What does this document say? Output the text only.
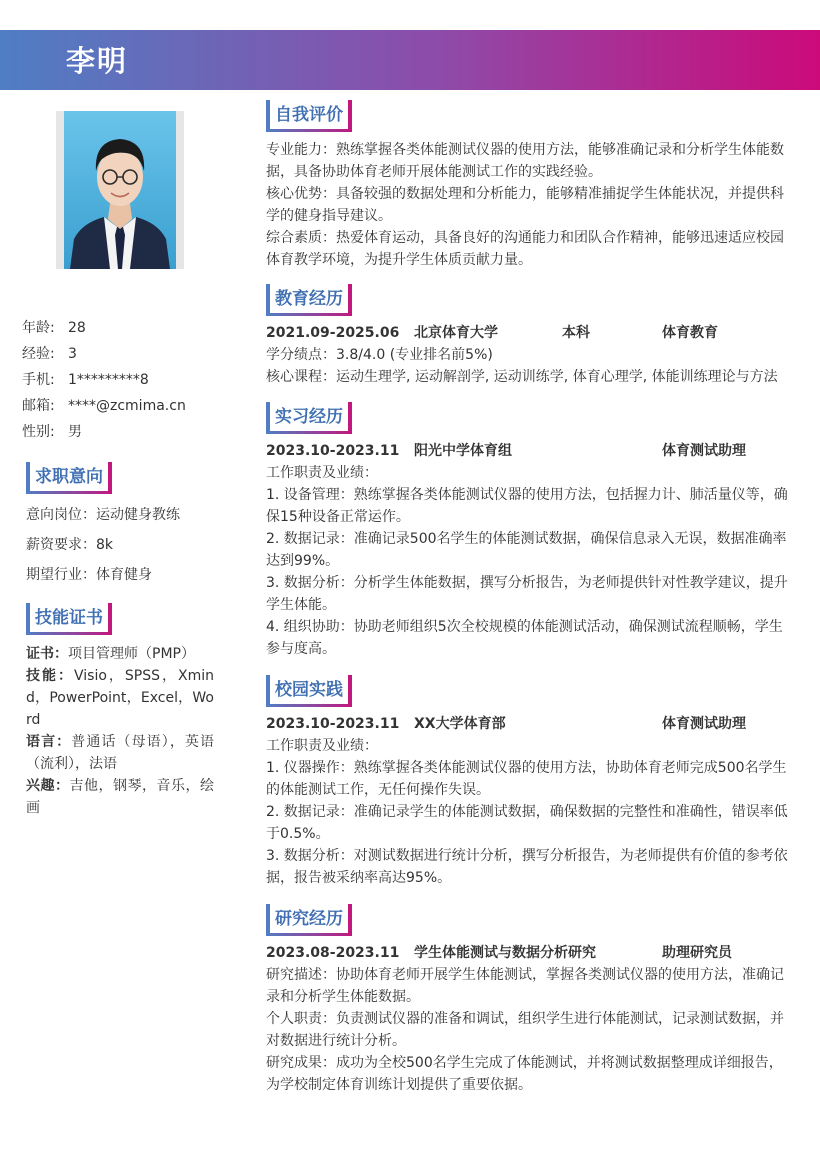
李明
年龄: 28
经验: 3
手机: 1*********8
邮箱: ****@zcmima.cn
性别: 男
求职意向
意向岗位：运动健身教练
薪资要求：8k
期望行业：体育健身
技能证书
证书：项目管理师（PMP）
技能：Visio，SPSS，Xmind，PowerPoint，Excel，Word
语言：普通话（母语），英语（流利），法语
兴趣：吉他，钢琴，音乐，绘画
自我评价
专业能力：熟练掌握各类体能测试仪器的使用方法，能够准确记录和分析学生体能数据，具备协助体育老师开展体能测试工作的实践经验。
核心优势：具备较强的数据处理和分析能力，能够精准捕捉学生体能状况，并提供科学的健身指导建议。
综合素质：热爱体育运动，具备良好的沟通能力和团队合作精神，能够迅速适应校园体育教学环境，为提升学生体质贡献力量。
教育经历
2021.09-2025.06 北京体育大学	本科	体育教育
学分绩点：3.8/4.0 (专业排名前5%)
核心课程：运动生理学, 运动解剖学, 运动训练学, 体育心理学, 体能训练理论与方法
实习经历
2023.10-2023.11 阳光中学体育组	体育测试助理
工作职责及业绩：
1. 设备管理：熟练掌握各类体能测试仪器的使用方法，包括握力计、肺活量仪等，确保15种设备正常运作。
2. 数据记录：准确记录500名学生的体能测试数据，确保信息录入无误，数据准确率达到99%。
3. 数据分析：分析学生体能数据，撰写分析报告，为老师提供针对性教学建议，提升学生体能。
4. 组织协助：协助老师组织5次全校规模的体能测试活动，确保测试流程顺畅，学生参与度高。
校园实践
2023.10-2023.11 XX大学体育部	体育测试助理
工作职责及业绩：
1. 仪器操作：熟练掌握各类体能测试仪器的使用方法，协助体育老师完成500名学生的体能测试工作，无任何操作失误。
2. 数据记录：准确记录学生的体能测试数据，确保数据的完整性和准确性，错误率低于0.5%。
3. 数据分析：对测试数据进行统计分析，撰写分析报告，为老师提供有价值的参考依据，报告被采纳率高达95%。
研究经历
2023.08-2023.11 学生体能测试与数据分析研究	助理研究员
研究描述：协助体育老师开展学生体能测试，掌握各类测试仪器的使用方法，准确记录和分析学生体能数据。
个人职责：负责测试仪器的准备和调试，组织学生进行体能测试，记录测试数据，并对数据进行统计分析。
研究成果：成功为全校500名学生完成了体能测试，并将测试数据整理成详细报告，为学校制定体育训练计划提供了重要依据。
